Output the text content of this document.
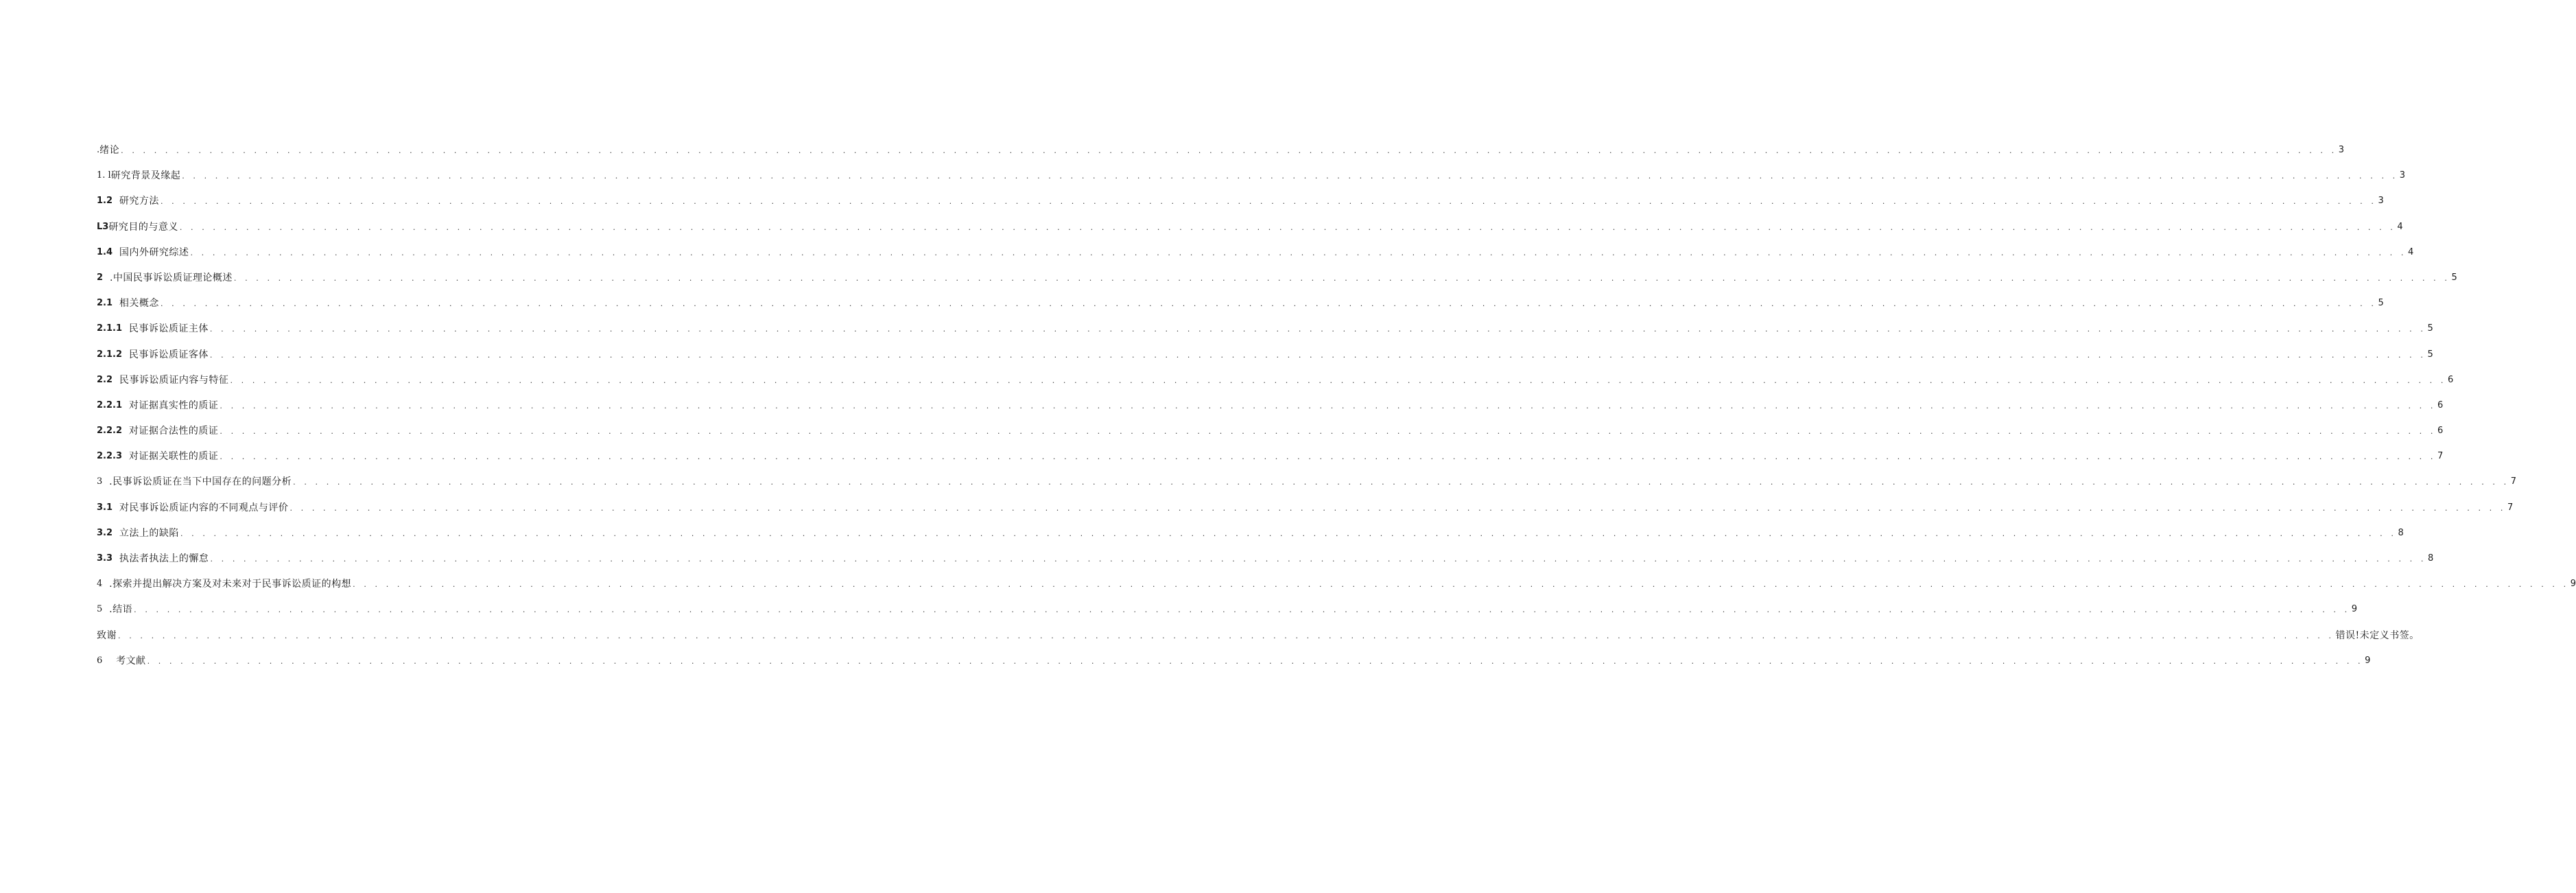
. 绪论 . . . . . . . . . . . . . . . . . . . . . . . . . . . . . . . . . . . . . . . . . . . . . . . . . . . . . . . . . . . . . . . . . . . . . . . . . . . . . . . . . . . . . . . . . . . . . . . . . . . . . . . . . . . . . . . . . . . . . . . . . . . . . . . . . . . . . . . . . . . . . . . . . . . . . . . . . . . . . . . . . . . . . . . . . . . . . . . . . . . . . . . . . . . . . . . . . . . . . . . . 3
1. l 研究背景及缘起 . . . . . . . . . . . . . . . . . . . . . . . . . . . . . . . . . . . . . . . . . . . . . . . . . . . . . . . . . . . . . . . . . . . . . . . . . . . . . . . . . . . . . . . . . . . . . . . . . . . . . . . . . . . . . . . . . . . . . . . . . . . . . . . . . . . . . . . . . . . . . . . . . . . . . . . . . . . . . . . . . . . . . . . . . . . . . . . . . . . . . . . . . . . . . . . . . . . . . . . . 3
1.2 研究方法 . . . . . . . . . . . . . . . . . . . . . . . . . . . . . . . . . . . . . . . . . . . . . . . . . . . . . . . . . . . . . . . . . . . . . . . . . . . . . . . . . . . . . . . . . . . . . . . . . . . . . . . . . . . . . . . . . . . . . . . . . . . . . . . . . . . . . . . . . . . . . . . . . . . . . . . . . . . . . . . . . . . . . . . . . . . . . . . . . . . . . . . . . . . . . . . . . . . . . . . . 3
L3 研究目的与意义 . . . . . . . . . . . . . . . . . . . . . . . . . . . . . . . . . . . . . . . . . . . . . . . . . . . . . . . . . . . . . . . . . . . . . . . . . . . . . . . . . . . . . . . . . . . . . . . . . . . . . . . . . . . . . . . . . . . . . . . . . . . . . . . . . . . . . . . . . . . . . . . . . . . . . . . . . . . . . . . . . . . . . . . . . . . . . . . . . . . . . . . . . . . . . . . . . . . . . . . . 4
1.4 国内外研究综述 . . . . . . . . . . . . . . . . . . . . . . . . . . . . . . . . . . . . . . . . . . . . . . . . . . . . . . . . . . . . . . . . . . . . . . . . . . . . . . . . . . . . . . . . . . . . . . . . . . . . . . . . . . . . . . . . . . . . . . . . . . . . . . . . . . . . . . . . . . . . . . . . . . . . . . . . . . . . . . . . . . . . . . . . . . . . . . . . . . . . . . . . . . . . . . . . . . . . . . . . 4
2 .中国民事诉讼质证理论概述 . . . . . . . . . . . . . . . . . . . . . . . . . . . . . . . . . . . . . . . . . . . . . . . . . . . . . . . . . . . . . . . . . . . . . . . . . . . . . . . . . . . . . . . . . . . . . . . . . . . . . . . . . . . . . . . . . . . . . . . . . . . . . . . . . . . . . . . . . . . . . . . . . . . . . . . . . . . . . . . . . . . . . . . . . . . . . . . . . . . . . . . . . . . . . . . . . . . . . . . . 5
2.1 相关概念 . . . . . . . . . . . . . . . . . . . . . . . . . . . . . . . . . . . . . . . . . . . . . . . . . . . . . . . . . . . . . . . . . . . . . . . . . . . . . . . . . . . . . . . . . . . . . . . . . . . . . . . . . . . . . . . . . . . . . . . . . . . . . . . . . . . . . . . . . . . . . . . . . . . . . . . . . . . . . . . . . . . . . . . . . . . . . . . . . . . . . . . . . . . . . . . . . . . . . . . . 5
2.1.1 民事诉讼质证主体 . . . . . . . . . . . . . . . . . . . . . . . . . . . . . . . . . . . . . . . . . . . . . . . . . . . . . . . . . . . . . . . . . . . . . . . . . . . . . . . . . . . . . . . . . . . . . . . . . . . . . . . . . . . . . . . . . . . . . . . . . . . . . . . . . . . . . . . . . . . . . . . . . . . . . . . . . . . . . . . . . . . . . . . . . . . . . . . . . . . . . . . . . . . . . . . . . . . . . . . . 5
2.1.2 民事诉讼质证客体 . . . . . . . . . . . . . . . . . . . . . . . . . . . . . . . . . . . . . . . . . . . . . . . . . . . . . . . . . . . . . . . . . . . . . . . . . . . . . . . . . . . . . . . . . . . . . . . . . . . . . . . . . . . . . . . . . . . . . . . . . . . . . . . . . . . . . . . . . . . . . . . . . . . . . . . . . . . . . . . . . . . . . . . . . . . . . . . . . . . . . . . . . . . . . . . . . . . . . . . . 5
2.2 民事诉讼质证内容与特征 . . . . . . . . . . . . . . . . . . . . . . . . . . . . . . . . . . . . . . . . . . . . . . . . . . . . . . . . . . . . . . . . . . . . . . . . . . . . . . . . . . . . . . . . . . . . . . . . . . . . . . . . . . . . . . . . . . . . . . . . . . . . . . . . . . . . . . . . . . . . . . . . . . . . . . . . . . . . . . . . . . . . . . . . . . . . . . . . . . . . . . . . . . . . . . . . . . . . . . . . 6
2.2.1 对证据真实性的质证 . . . . . . . . . . . . . . . . . . . . . . . . . . . . . . . . . . . . . . . . . . . . . . . . . . . . . . . . . . . . . . . . . . . . . . . . . . . . . . . . . . . . . . . . . . . . . . . . . . . . . . . . . . . . . . . . . . . . . . . . . . . . . . . . . . . . . . . . . . . . . . . . . . . . . . . . . . . . . . . . . . . . . . . . . . . . . . . . . . . . . . . . . . . . . . . . . . . . . . . . 6
2.2.2 对证据合法性的质证 . . . . . . . . . . . . . . . . . . . . . . . . . . . . . . . . . . . . . . . . . . . . . . . . . . . . . . . . . . . . . . . . . . . . . . . . . . . . . . . . . . . . . . . . . . . . . . . . . . . . . . . . . . . . . . . . . . . . . . . . . . . . . . . . . . . . . . . . . . . . . . . . . . . . . . . . . . . . . . . . . . . . . . . . . . . . . . . . . . . . . . . . . . . . . . . . . . . . . . . . 6
2.2.3 对证据关联性的质证 . . . . . . . . . . . . . . . . . . . . . . . . . . . . . . . . . . . . . . . . . . . . . . . . . . . . . . . . . . . . . . . . . . . . . . . . . . . . . . . . . . . . . . . . . . . . . . . . . . . . . . . . . . . . . . . . . . . . . . . . . . . . . . . . . . . . . . . . . . . . . . . . . . . . . . . . . . . . . . . . . . . . . . . . . . . . . . . . . . . . . . . . . . . . . . . . . . . . . . . . 7
3 .民事诉讼质证在当下中国存在的问题分析 . . . . . . . . . . . . . . . . . . . . . . . . . . . . . . . . . . . . . . . . . . . . . . . . . . . . . . . . . . . . . . . . . . . . . . . . . . . . . . . . . . . . . . . . . . . . . . . . . . . . . . . . . . . . . . . . . . . . . . . . . . . . . . . . . . . . . . . . . . . . . . . . . . . . . . . . . . . . . . . . . . . . . . . . . . . . . . . . . . . . . . . . . . . . . . . . . . . . . . . . 7
3.1 对民事诉讼质证内容的不同观点与评价 . . . . . . . . . . . . . . . . . . . . . . . . . . . . . . . . . . . . . . . . . . . . . . . . . . . . . . . . . . . . . . . . . . . . . . . . . . . . . . . . . . . . . . . . . . . . . . . . . . . . . . . . . . . . . . . . . . . . . . . . . . . . . . . . . . . . . . . . . . . . . . . . . . . . . . . . . . . . . . . . . . . . . . . . . . . . . . . . . . . . . . . . . . . . . . . . . . . . . . . . 7
3.2 立法上的缺陷 . . . . . . . . . . . . . . . . . . . . . . . . . . . . . . . . . . . . . . . . . . . . . . . . . . . . . . . . . . . . . . . . . . . . . . . . . . . . . . . . . . . . . . . . . . . . . . . . . . . . . . . . . . . . . . . . . . . . . . . . . . . . . . . . . . . . . . . . . . . . . . . . . . . . . . . . . . . . . . . . . . . . . . . . . . . . . . . . . . . . . . . . . . . . . . . . . . . . . . . . 8
3.3 执法者执法上的懈怠 . . . . . . . . . . . . . . . . . . . . . . . . . . . . . . . . . . . . . . . . . . . . . . . . . . . . . . . . . . . . . . . . . . . . . . . . . . . . . . . . . . . . . . . . . . . . . . . . . . . . . . . . . . . . . . . . . . . . . . . . . . . . . . . . . . . . . . . . . . . . . . . . . . . . . . . . . . . . . . . . . . . . . . . . . . . . . . . . . . . . . . . . . . . . . . . . . . . . . . . . 8
4 .探索并提出解决方案及对未来对于民事诉讼质证的构想 . . . . . . . . . . . . . . . . . . . . . . . . . . . . . . . . . . . . . . . . . . . . . . . . . . . . . . . . . . . . . . . . . . . . . . . . . . . . . . . . . . . . . . . . . . . . . . . . . . . . . . . . . . . . . . . . . . . . . . . . . . . . . . . . . . . . . . . . . . . . . . . . . . . . . . . . . . . . . . . . . . . . . . . . . . . . . . . . . . . . . . . . . . . . . . . . . . . . . . . . 9
5 .结语 . . . . . . . . . . . . . . . . . . . . . . . . . . . . . . . . . . . . . . . . . . . . . . . . . . . . . . . . . . . . . . . . . . . . . . . . . . . . . . . . . . . . . . . . . . . . . . . . . . . . . . . . . . . . . . . . . . . . . . . . . . . . . . . . . . . . . . . . . . . . . . . . . . . . . . . . . . . . . . . . . . . . . . . . . . . . . . . . . . . . . . . . . . . . . . . . . . . . . . . . 9
致谢 . . . . . . . . . . . . . . . . . . . . . . . . . . . . . . . . . . . . . . . . . . . . . . . . . . . . . . . . . . . . . . . . . . . . . . . . . . . . . . . . . . . . . . . . . . . . . . . . . . . . . . . . . . . . . . . . . . . . . . . . . . . . . . . . . . . . . . . . . . . . . . . . . . . . . . . . . . . . . . . . . . . . . . . . . . . . . . . . . . . . . . . . . . . . . . . . . . . . . . . . 错误!未定义书签。
6 考文献 . . . . . . . . . . . . . . . . . . . . . . . . . . . . . . . . . . . . . . . . . . . . . . . . . . . . . . . . . . . . . . . . . . . . . . . . . . . . . . . . . . . . . . . . . . . . . . . . . . . . . . . . . . . . . . . . . . . . . . . . . . . . . . . . . . . . . . . . . . . . . . . . . . . . . . . . . . . . . . . . . . . . . . . . . . . . . . . . . . . . . . . . . . . . . . . . . . . . . . . . 9
